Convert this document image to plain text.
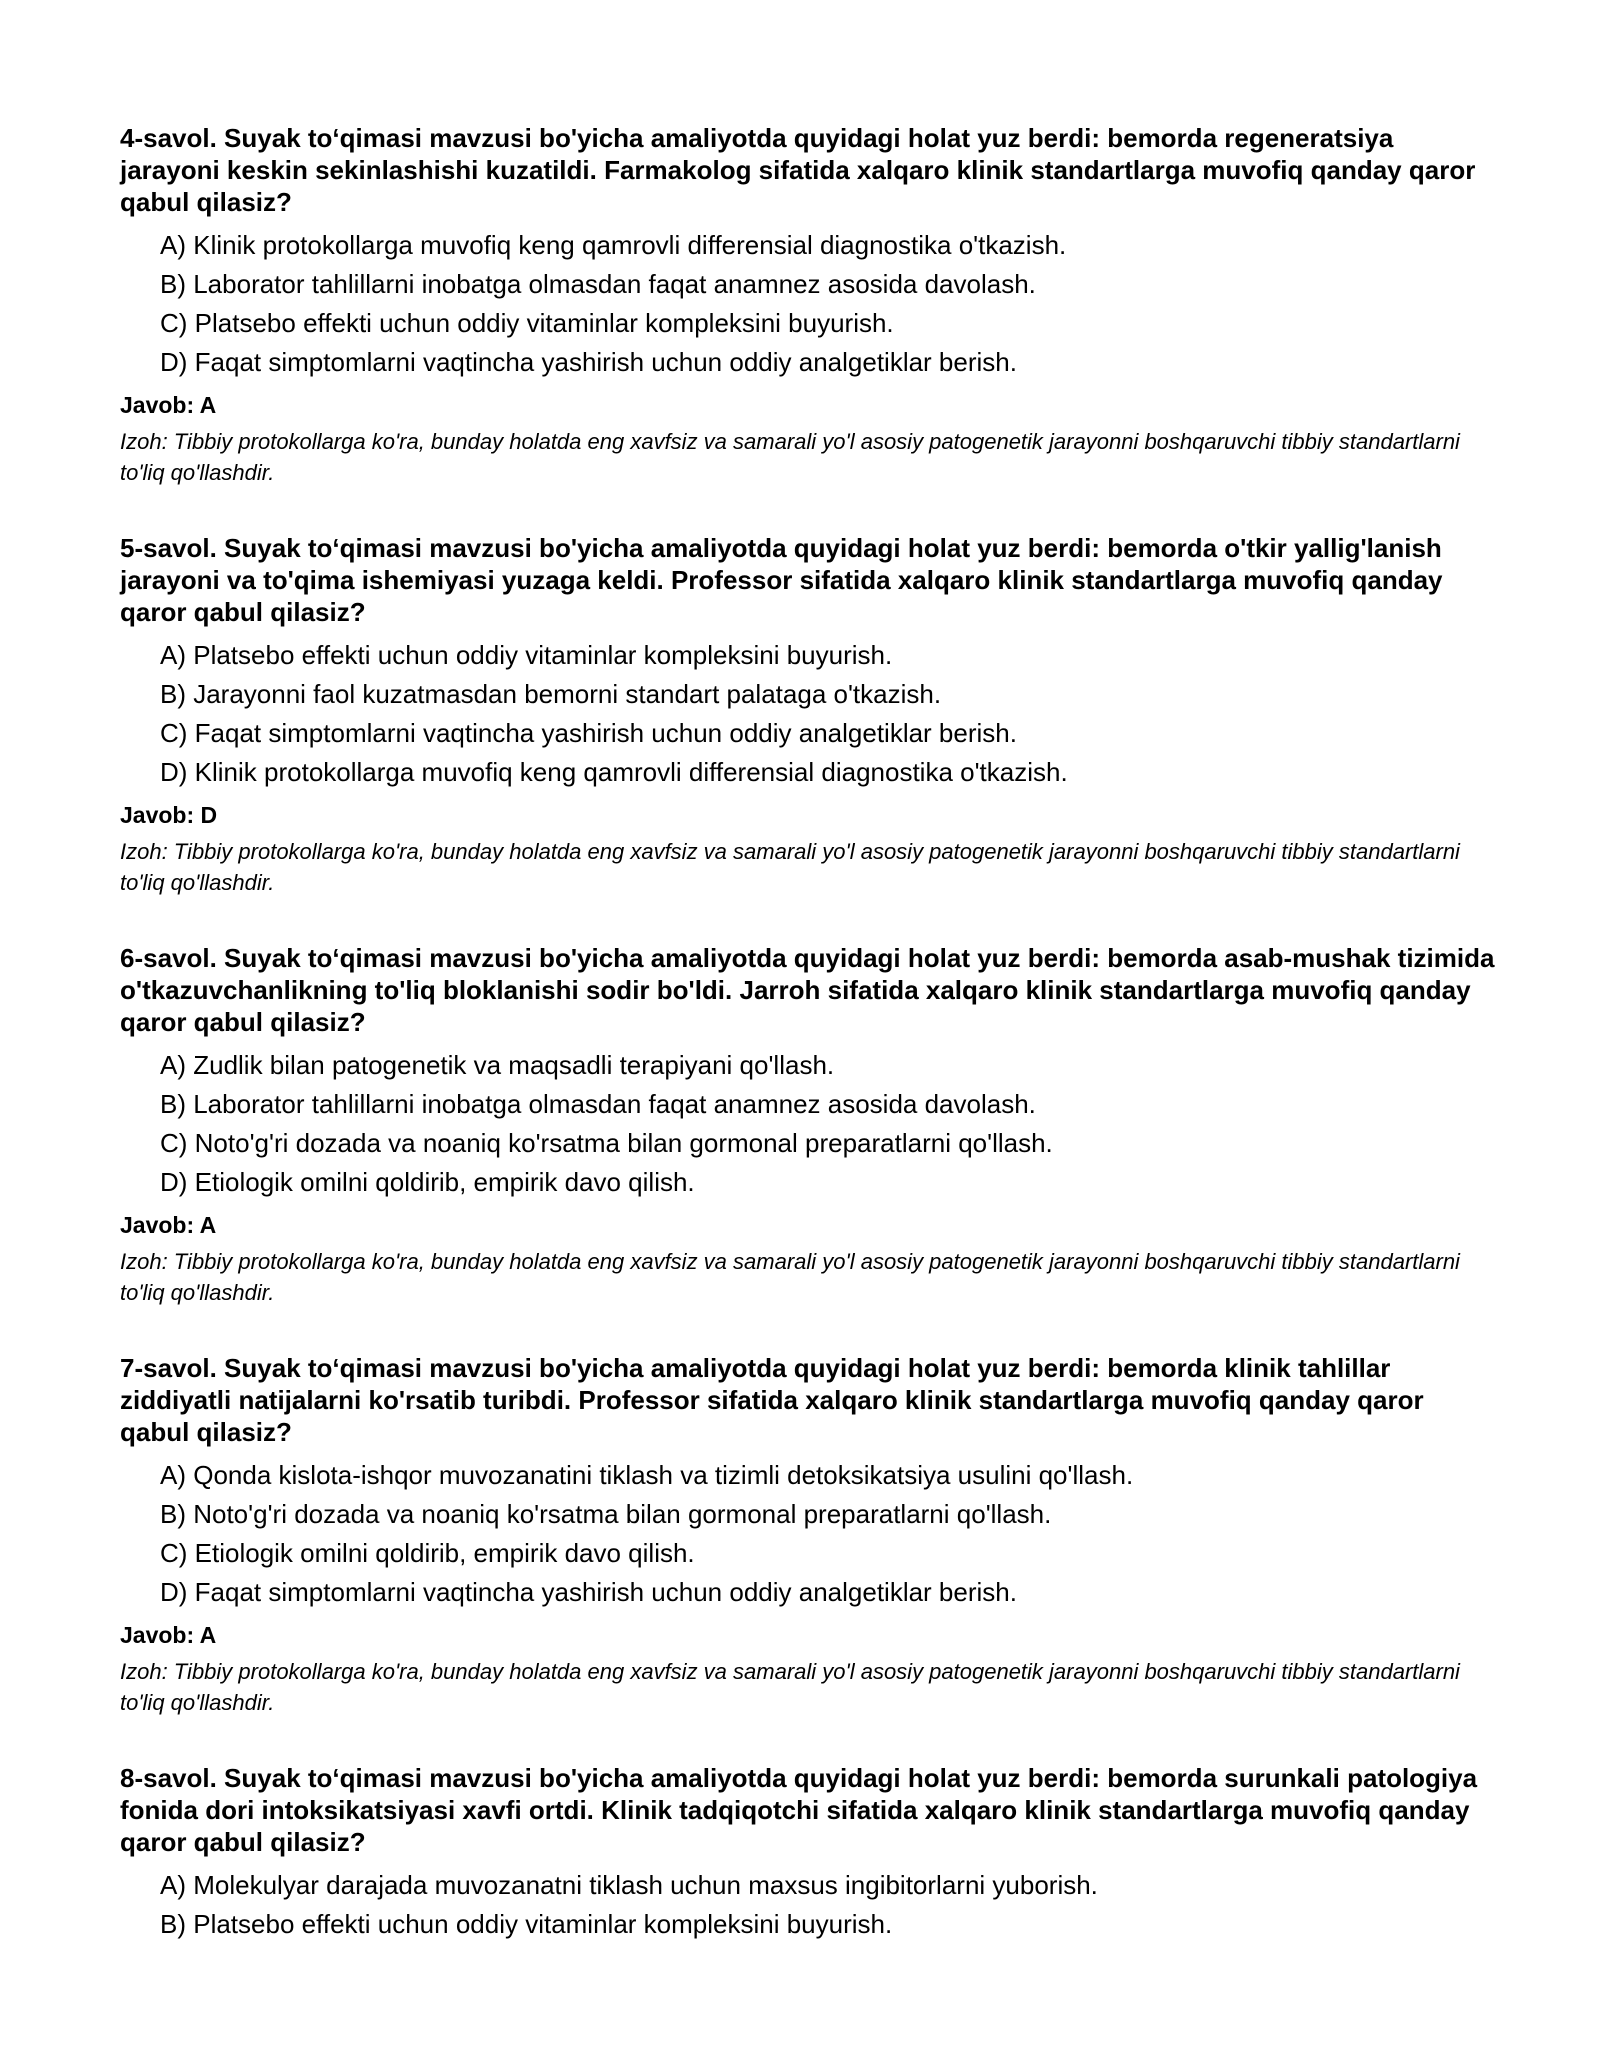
4-savol. Suyak to‘qimasi mavzusi bo'yicha amaliyotda quyidagi holat yuz berdi: bemorda regeneratsiya jarayoni keskin sekinlashishi kuzatildi. Farmakolog sifatida xalqaro klinik standartlarga muvofiq qanday qaror qabul qilasiz?
A) Klinik protokollarga muvofiq keng qamrovli differensial diagnostika o'tkazish.
B) Laborator tahlillarni inobatga olmasdan faqat anamnez asosida davolash.
C) Platsebo effekti uchun oddiy vitaminlar kompleksini buyurish.
D) Faqat simptomlarni vaqtincha yashirish uchun oddiy analgetiklar berish.
Javob: A
Izoh: Tibbiy protokollarga ko'ra, bunday holatda eng xavfsiz va samarali yo'l asosiy patogenetik jarayonni boshqaruvchi tibbiy standartlarni to'liq qo'llashdir.
5-savol. Suyak to‘qimasi mavzusi bo'yicha amaliyotda quyidagi holat yuz berdi: bemorda o'tkir yallig'lanish jarayoni va to'qima ishemiyasi yuzaga keldi. Professor sifatida xalqaro klinik standartlarga muvofiq qanday qaror qabul qilasiz?
A) Platsebo effekti uchun oddiy vitaminlar kompleksini buyurish.
B) Jarayonni faol kuzatmasdan bemorni standart palataga o'tkazish.
C) Faqat simptomlarni vaqtincha yashirish uchun oddiy analgetiklar berish.
D) Klinik protokollarga muvofiq keng qamrovli differensial diagnostika o'tkazish.
Javob: D
Izoh: Tibbiy protokollarga ko'ra, bunday holatda eng xavfsiz va samarali yo'l asosiy patogenetik jarayonni boshqaruvchi tibbiy standartlarni to'liq qo'llashdir.
6-savol. Suyak to‘qimasi mavzusi bo'yicha amaliyotda quyidagi holat yuz berdi: bemorda asab-mushak tizimida o'tkazuvchanlikning to'liq bloklanishi sodir bo'ldi. Jarroh sifatida xalqaro klinik standartlarga muvofiq qanday qaror qabul qilasiz?
A) Zudlik bilan patogenetik va maqsadli terapiyani qo'llash.
B) Laborator tahlillarni inobatga olmasdan faqat anamnez asosida davolash.
C) Noto'g'ri dozada va noaniq ko'rsatma bilan gormonal preparatlarni qo'llash.
D) Etiologik omilni qoldirib, empirik davo qilish.
Javob: A
Izoh: Tibbiy protokollarga ko'ra, bunday holatda eng xavfsiz va samarali yo'l asosiy patogenetik jarayonni boshqaruvchi tibbiy standartlarni to'liq qo'llashdir.
7-savol. Suyak to‘qimasi mavzusi bo'yicha amaliyotda quyidagi holat yuz berdi: bemorda klinik tahlillar ziddiyatli natijalarni ko'rsatib turibdi. Professor sifatida xalqaro klinik standartlarga muvofiq qanday qaror qabul qilasiz?
A) Qonda kislota-ishqor muvozanatini tiklash va tizimli detoksikatsiya usulini qo'llash.
B) Noto'g'ri dozada va noaniq ko'rsatma bilan gormonal preparatlarni qo'llash.
C) Etiologik omilni qoldirib, empirik davo qilish.
D) Faqat simptomlarni vaqtincha yashirish uchun oddiy analgetiklar berish.
Javob: A
Izoh: Tibbiy protokollarga ko'ra, bunday holatda eng xavfsiz va samarali yo'l asosiy patogenetik jarayonni boshqaruvchi tibbiy standartlarni to'liq qo'llashdir.
8-savol. Suyak to‘qimasi mavzusi bo'yicha amaliyotda quyidagi holat yuz berdi: bemorda surunkali patologiya fonida dori intoksikatsiyasi xavfi ortdi. Klinik tadqiqotchi sifatida xalqaro klinik standartlarga muvofiq qanday qaror qabul qilasiz?
A) Molekulyar darajada muvozanatni tiklash uchun maxsus ingibitorlarni yuborish.
B) Platsebo effekti uchun oddiy vitaminlar kompleksini buyurish.
